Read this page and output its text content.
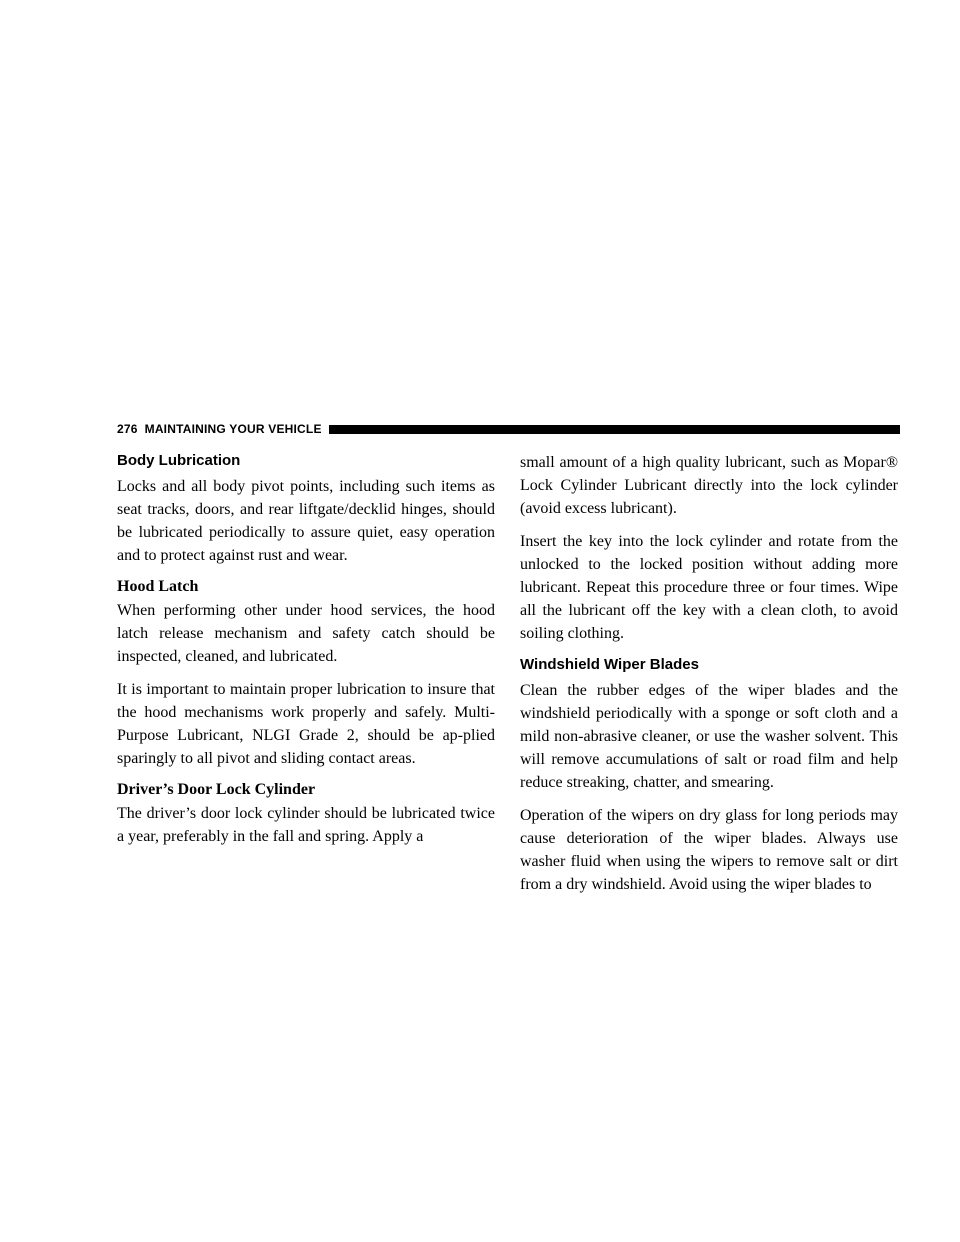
276 MAINTAINING YOUR VEHICLE
Body Lubrication

Locks and all body pivot points, including such items as seat tracks, doors, and rear liftgate/decklid hinges, should be lubricated periodically to assure quiet, easy operation and to protect against rust and wear.

Hood Latch

When performing other under hood services, the hood latch release mechanism and safety catch should be inspected, cleaned, and lubricated.

It is important to maintain proper lubrication to insure that the hood mechanisms work properly and safely. Multi-Purpose Lubricant, NLGI Grade 2, should be ap-plied sparingly to all pivot and sliding contact areas.

Driver’s Door Lock Cylinder

The driver’s door lock cylinder should be lubricated twice a year, preferably in the fall and spring. Apply a

small amount of a high quality lubricant, such as Mopar® Lock Cylinder Lubricant directly into the lock cylinder (avoid excess lubricant).

Insert the key into the lock cylinder and rotate from the unlocked to the locked position without adding more lubricant. Repeat this procedure three or four times. Wipe all the lubricant off the key with a clean cloth, to avoid soiling clothing.

Windshield Wiper Blades

Clean the rubber edges of the wiper blades and the windshield periodically with a sponge or soft cloth and a mild non-abrasive cleaner, or use the washer solvent. This will remove accumulations of salt or road film and help reduce streaking, chatter, and smearing.

Operation of the wipers on dry glass for long periods may cause deterioration of the wiper blades. Always use washer fluid when using the wipers to remove salt or dirt from a dry windshield. Avoid using the wiper blades to
